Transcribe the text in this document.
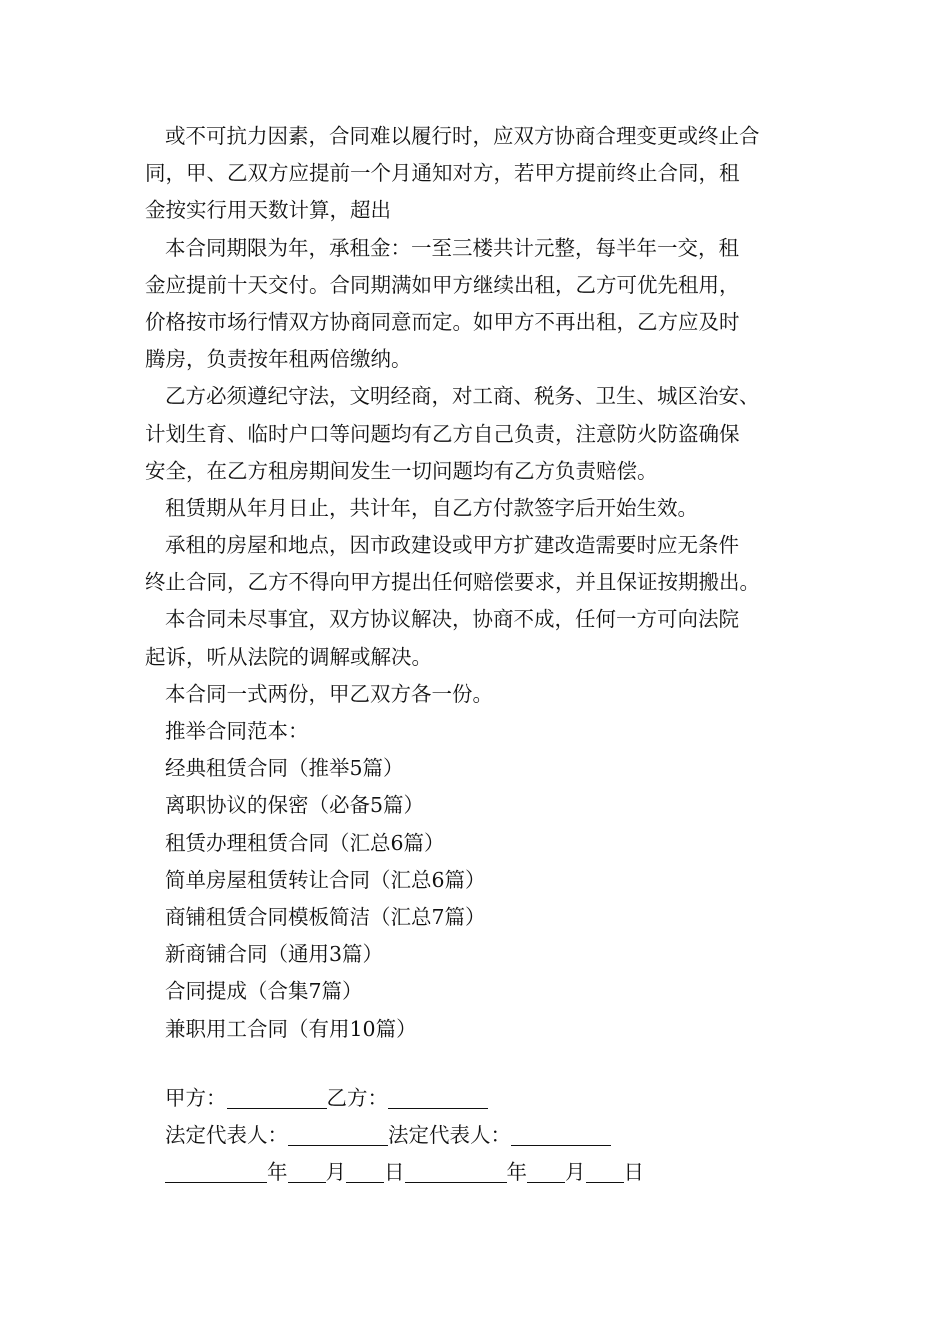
或不可抗力因素，合同难以履行时，应双方协商合理变更或终止合
同，甲、乙双方应提前一个月通知对方，若甲方提前终止合同，租
金按实行用天数计算，超出
本合同期限为年，承租金：一至三楼共计元整，每半年一交，租
金应提前十天交付。合同期满如甲方继续出租，乙方可优先租用，
价格按市场行情双方协商同意而定。如甲方不再出租，乙方应及时
腾房，负责按年租两倍缴纳。
乙方必须遵纪守法，文明经商，对工商、税务、卫生、城区治安、
计划生育、临时户口等问题均有乙方自己负责，注意防火防盗确保
安全，在乙方租房期间发生一切问题均有乙方负责赔偿。
租赁期从年月日止，共计年，自乙方付款签字后开始生效。
承租的房屋和地点，因市政建设或甲方扩建改造需要时应无条件
终止合同，乙方不得向甲方提出任何赔偿要求，并且保证按期搬出。
本合同未尽事宜，双方协议解决，协商不成，任何一方可向法院
起诉，听从法院的调解或解决。
本合同一式两份，甲乙双方各一份。
推举合同范本：
经典租赁合同（推举5篇）
离职协议的保密（必备5篇）
租赁办理租赁合同（汇总6篇）
简单房屋租赁转让合同（汇总6篇）
商铺租赁合同模板简洁（汇总7篇）
新商铺合同（通用3篇）
合同提成（合集7篇）
兼职用工合同（有用10篇）
甲方：	乙方：
法定代表人：	法定代表人：
年 月 日	年 月 日
